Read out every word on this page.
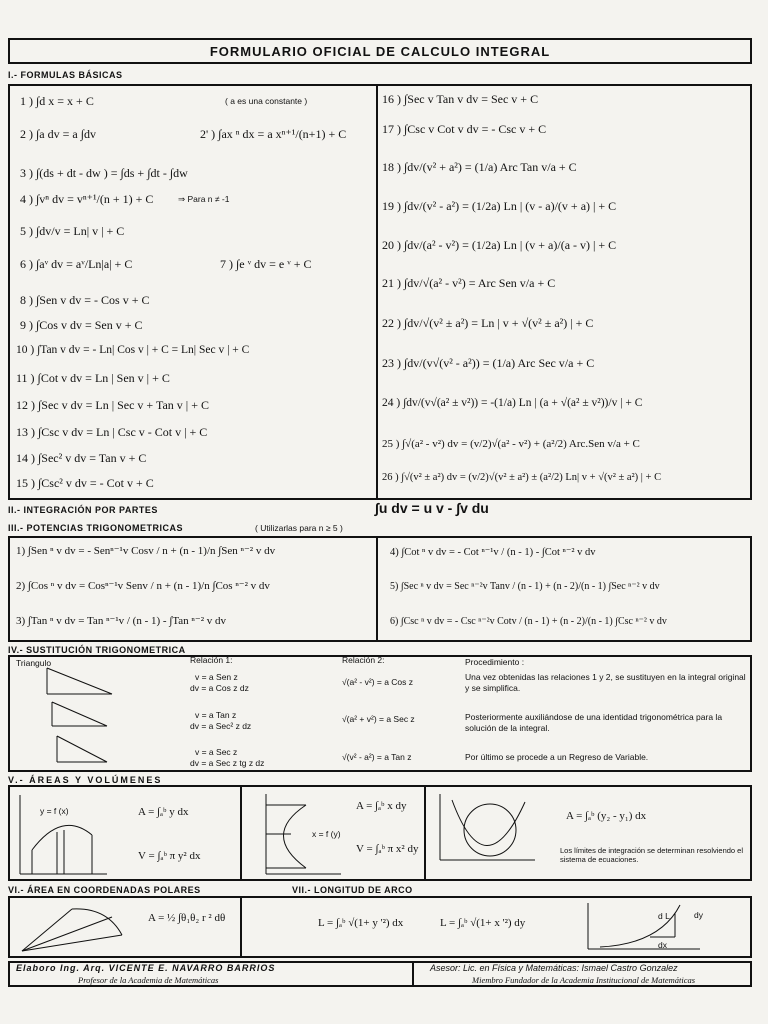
FORMULARIO OFICIAL DE CALCULO INTEGRAL
I.- FORMULAS BÁSICAS
1 ) ∫d x = x + C	( a es una constante )
2 ) ∫a dv = a ∫dv	2' ) ∫ax ⁿ dx = a xⁿ⁺¹/(n+1) + C
3 ) ∫(ds + dt - dw ) = ∫ds + ∫dt - ∫dw
4 ) ∫vⁿ dv = vⁿ⁺¹/(n + 1) + C	⇒ Para n ≠ -1
5 ) ∫dv/v = Ln| v | + C
6 ) ∫aᵛ dv = aᵛ/Ln|a| + C	7 ) ∫e ᵛ dv = e ᵛ + C
8 ) ∫Sen v dv = - Cos v + C
9 ) ∫Cos v dv = Sen v + C
10 ) ∫Tan v dv = - Ln| Cos v | + C = Ln| Sec v | + C
11 ) ∫Cot v dv = Ln | Sen v | + C
12 ) ∫Sec v dv = Ln | Sec v + Tan v | + C
13 ) ∫Csc v dv = Ln | Csc v - Cot v | + C
14 ) ∫Sec² v dv = Tan v + C
15 ) ∫Csc² v dv = - Cot v + C
16 ) ∫Sec v Tan v dv = Sec v + C
17 ) ∫Csc v Cot v dv = - Csc v + C
18 ) ∫dv/(v² + a²) = (1/a) Arc Tan v/a + C
19 ) ∫dv/(v² - a²) = (1/2a) Ln | (v - a)/(v + a) | + C
20 ) ∫dv/(a² - v²) = (1/2a) Ln | (v + a)/(a - v) | + C
21 ) ∫dv/√(a² - v²) = Arc Sen v/a + C
22 ) ∫dv/√(v² ± a²) = Ln | v + √(v² ± a²) | + C
23 ) ∫dv/(v√(v² - a²)) = (1/a) Arc Sec v/a + C
24 ) ∫dv/(v√(a² ± v²)) = -(1/a) Ln | (a + √(a² ± v²))/v | + C
25 ) ∫√(a² - v²) dv = (v/2)√(a² - v²) + (a²/2) Arc.Sen v/a + C
26 ) ∫√(v² ± a²) dv = (v/2)√(v² ± a²) ± (a²/2) Ln| v + √(v² ± a²) | + C
II.- INTEGRACIÓN POR PARTES	∫u dv = u v - ∫v du
III.- POTENCIAS TRIGONOMETRICAS	( Utilizarlas para n ≥ 5 )
1) ∫Sen ⁿ v dv = - Senⁿ⁻¹v Cosv / n + (n - 1)/n ∫Sen ⁿ⁻² v dv
2) ∫Cos ⁿ v dv = Cosⁿ⁻¹v Senv / n + (n - 1)/n ∫Cos ⁿ⁻² v dv
3) ∫Tan ⁿ v dv = Tan ⁿ⁻¹v / (n - 1) - ∫Tan ⁿ⁻² v dv
4) ∫Cot ⁿ v dv = - Cot ⁿ⁻¹v / (n - 1) - ∫Cot ⁿ⁻² v dv
5) ∫Sec ⁿ v dv = Sec ⁿ⁻²v Tanv / (n - 1) + (n - 2)/(n - 1) ∫Sec ⁿ⁻² v dv
6) ∫Csc ⁿ v dv = - Csc ⁿ⁻²v Cotv / (n - 1) + (n - 2)/(n - 1) ∫Csc ⁿ⁻² v dv
IV.- SUSTITUCIÓN TRIGONOMETRICA
Triangulo	Relación 1:	Relación 2:	Procedimiento :
v = a Sen z
dv = a Cos z dz
√(a² - v²) = a Cos z	Una vez obtenidas las relaciones 1 y 2, se sustituyen en la integral original y se simplifica.
v = a Tan z
dv = a Sec² z dz
√(a² + v²) = a Sec z	Posteriormente auxiliándose de una identidad trigonométrica para la solución de la integral.
v = a Sec z
dv = a Sec z tg z dz
√(v² - a²) = a Tan z	Por último se procede a un Regreso de Variable.
V.- ÁREAS Y VOLÚMENES
y = f (x)	A = ∫ₐᵇ y dx
V = ∫ₐᵇ π y² dx
x = f (y)
A = ∫ₐᵇ x dy
V = ∫ₐᵇ π x² dy
A = ∫ₐᵇ (y₂ - y₁) dx
Los límites de integración se determinan resolviendo el sistema de ecuaciones.
VI.- ÁREA EN COORDENADAS POLARES	VII.- LONGITUD DE ARCO
A = ½ ∫θ₁θ₂ r ² dθ	L = ∫ₐᵇ √(1+ y '²) dx	L = ∫ₐᵇ √(1+ x '²) dy
d L	dy
dx
Elaboro Ing. Arq. VICENTE E. NAVARRO BARRIOS
Profesor de la Academia de Matemáticas
Asesor: Lic. en Física y Matemáticas: Ismael Castro Gonzalez
Miembro Fundador de la Academia Institucional de Matemáticas
